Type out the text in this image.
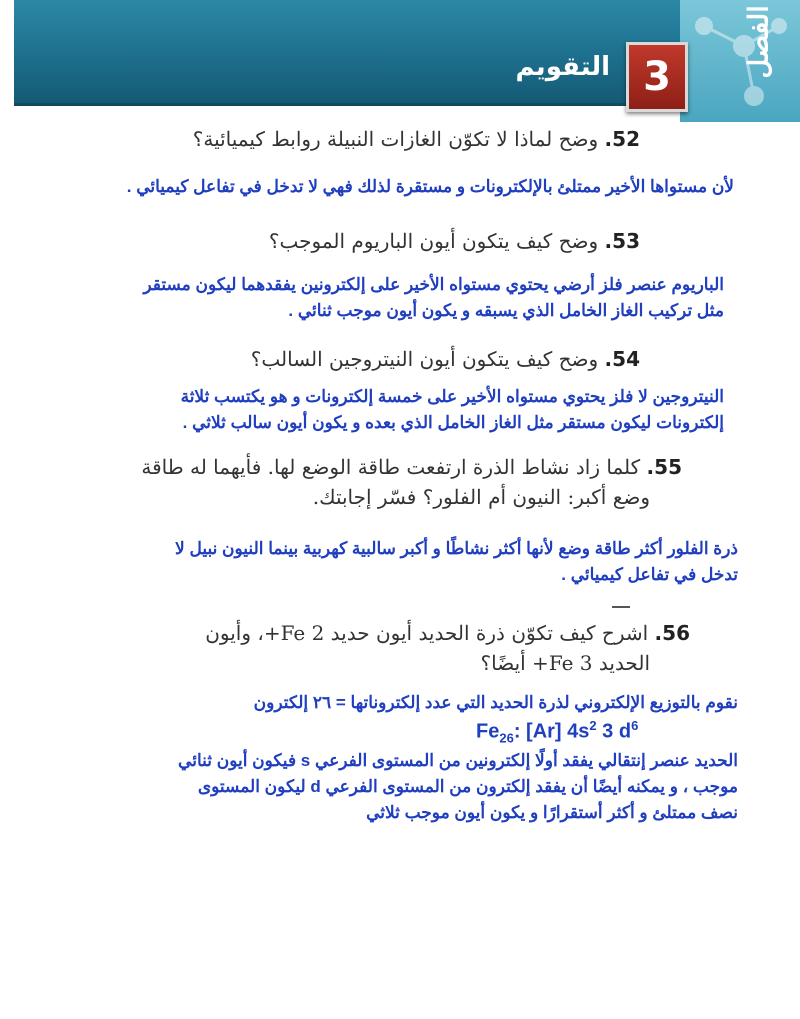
الفصل
3
التقويم
52. وضح لماذا لا تكوّن الغازات النبيلة روابط كيميائية؟
لأن مستواها الأخير ممتلئ بالإلكترونات و مستقرة لذلك فهي لا تدخل في تفاعل كيميائي .
53. وضح كيف يتكون أيون الباريوم الموجب؟
الباريوم عنصر فلز أرضي يحتوي مستواه الأخير على إلكترونين يفقدهما ليكون مستقر
مثل تركيب الغاز الخامل الذي يسبقه و يكون أيون موجب ثنائي .
54. وضح كيف يتكون أيون النيتروجين السالب؟
النيتروجين لا فلز يحتوي مستواه الأخير على خمسة إلكترونات و هو يكتسب ثلاثة
إلكترونات ليكون مستقر مثل الغاز الخامل الذي بعده و يكون أيون سالب ثلاثي .
55. كلما زاد نشاط الذرة ارتفعت طاقة الوضع لها. فأيهما له طاقة
وضع أكبر: النيون أم الفلور؟ فسّر إجابتك.
ذرة الفلور أكثر طاقة وضع لأنها أكثر نشاطًا و أكبر سالبية كهربية بينما النيون نبيل لا
تدخل في تفاعل كيميائي .
56. اشرح كيف تكوّن ذرة الحديد أيون حديد Fe 2+، وأيون
الحديد Fe 3+ أيضًا؟
نقوم بالتوزيع الإلكتروني لذرة الحديد التي عدد إلكتروناتها = ٢٦ إلكترون
$Fe_{26}$: [Ar] $4s^2$ 3 $d^6$
الحديد عنصر إنتقالي يفقد أولًا إلكترونين من المستوى الفرعي s فيكون أيون ثنائي
موجب ، و يمكنه أيضًا أن يفقد إلكترون من المستوى الفرعي d ليكون المستوى
نصف ممتلئ و أكثر أستقرارًا و يكون أيون موجب ثلاثي
